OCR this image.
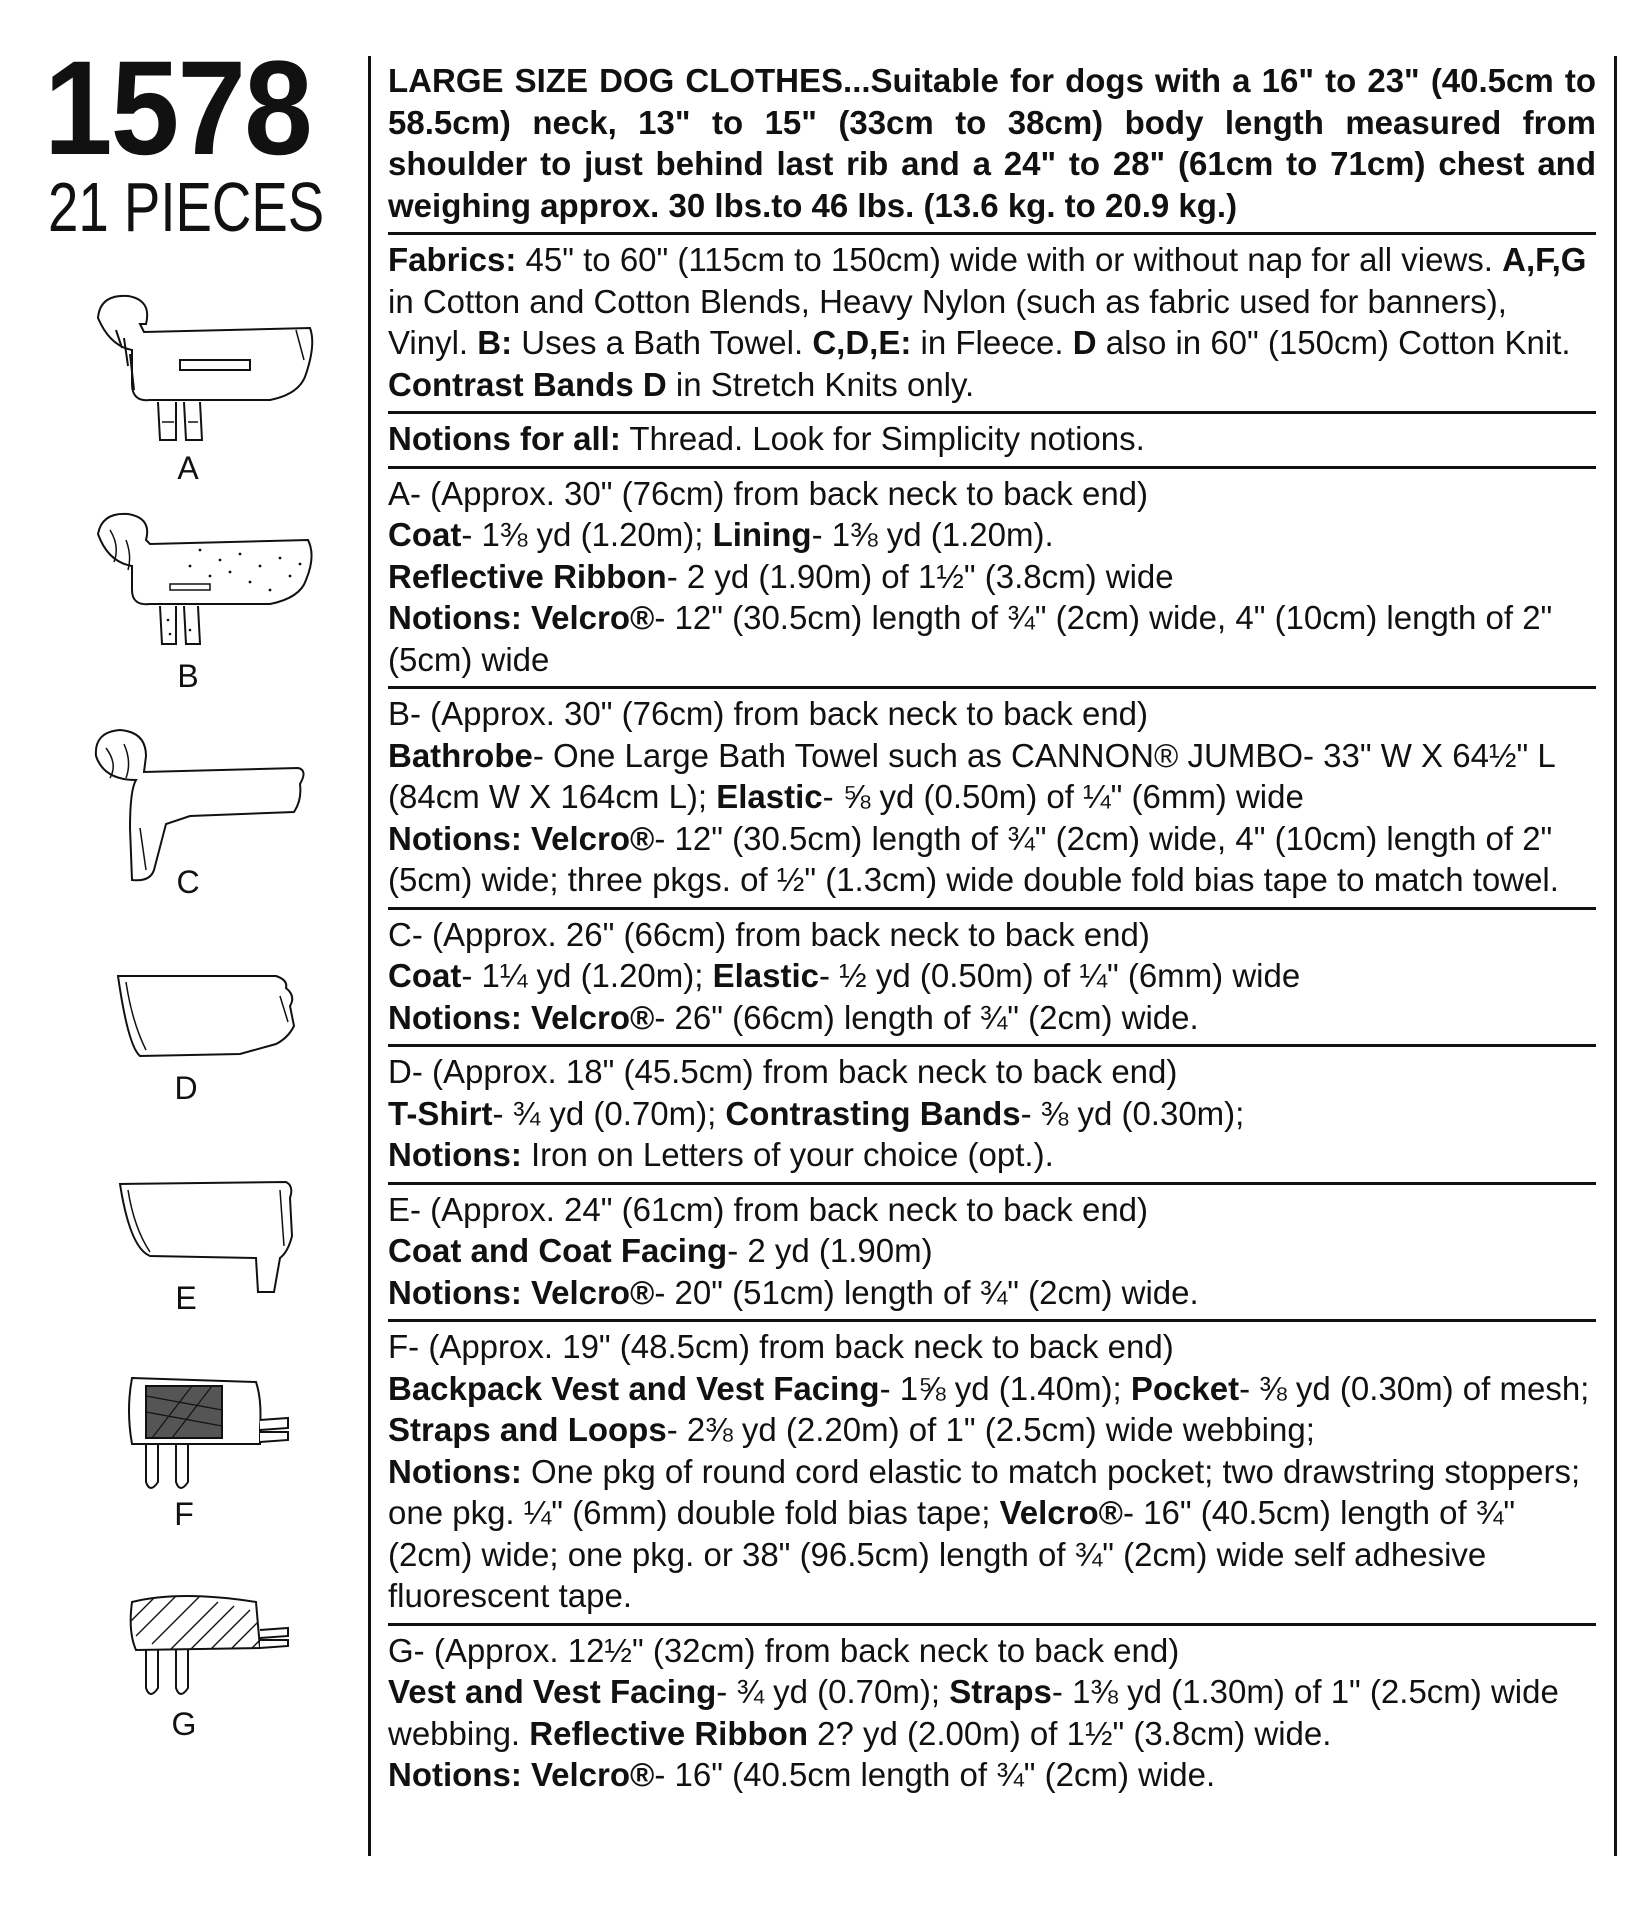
1578
21 PIECES
A
B
C
D
E
F
G
LARGE SIZE DOG CLOTHES...Suitable for dogs with a 16" to 23" (40.5cm to 58.5cm) neck, 13" to 15" (33cm to 38cm) body length measured from shoulder to just behind last rib and a 24" to 28" (61cm to 71cm) chest and weighing approx. 30 lbs.to 46 lbs. (13.6 kg. to 20.9 kg.)
Fabrics: 45" to 60" (115cm to 150cm) wide with or without nap for all views. A,F,G in Cotton and Cotton Blends, Heavy Nylon (such as fabric used for banners), Vinyl. B: Uses a Bath Towel. C,D,E: in Fleece. D also in 60" (150cm) Cotton Knit. Contrast Bands D in Stretch Knits only.
Notions for all: Thread. Look for Simplicity notions.
A- (Approx. 30" (76cm) from back neck to back end)
Coat- 1⅜ yd (1.20m); Lining- 1⅜ yd (1.20m).
Reflective Ribbon- 2 yd (1.90m) of 1½" (3.8cm) wide
Notions: Velcro®- 12" (30.5cm) length of ¾" (2cm) wide, 4" (10cm) length of 2" (5cm) wide
B- (Approx. 30" (76cm) from back neck to back end)
Bathrobe- One Large Bath Towel such as CANNON® JUMBO- 33" W X 64½" L (84cm W X 164cm L); Elastic- ⅝ yd (0.50m) of ¼" (6mm) wide
Notions: Velcro®- 12" (30.5cm) length of ¾" (2cm) wide, 4" (10cm) length of 2" (5cm) wide; three pkgs. of ½" (1.3cm) wide double fold bias tape to match towel.
C- (Approx. 26" (66cm) from back neck to back end)
Coat- 1¼ yd (1.20m); Elastic- ½ yd (0.50m) of ¼" (6mm) wide
Notions: Velcro®- 26" (66cm) length of ¾" (2cm) wide.
D- (Approx. 18" (45.5cm) from back neck to back end)
T-Shirt- ¾ yd (0.70m); Contrasting Bands- ⅜ yd (0.30m);
Notions: Iron on Letters of your choice (opt.).
E- (Approx. 24" (61cm) from back neck to back end)
Coat and Coat Facing- 2 yd (1.90m)
Notions: Velcro®- 20" (51cm) length of ¾" (2cm) wide.
F- (Approx. 19" (48.5cm) from back neck to back end)
Backpack Vest and Vest Facing- 1⅝ yd (1.40m); Pocket- ⅜ yd (0.30m) of mesh;
Straps and Loops- 2⅜ yd (2.20m) of 1" (2.5cm) wide webbing;
Notions: One pkg of round cord elastic to match pocket; two drawstring stoppers; one pkg. ¼" (6mm) double fold bias tape; Velcro®- 16" (40.5cm) length of ¾" (2cm) wide; one pkg. or 38" (96.5cm) length of ¾" (2cm) wide self adhesive fluorescent tape.
G- (Approx. 12½" (32cm) from back neck to back end)
Vest and Vest Facing- ¾ yd (0.70m); Straps- 1⅜ yd (1.30m) of 1" (2.5cm) wide webbing. Reflective Ribbon 2? yd (2.00m) of 1½" (3.8cm) wide.
Notions: Velcro®- 16" (40.5cm length of ¾" (2cm) wide.
